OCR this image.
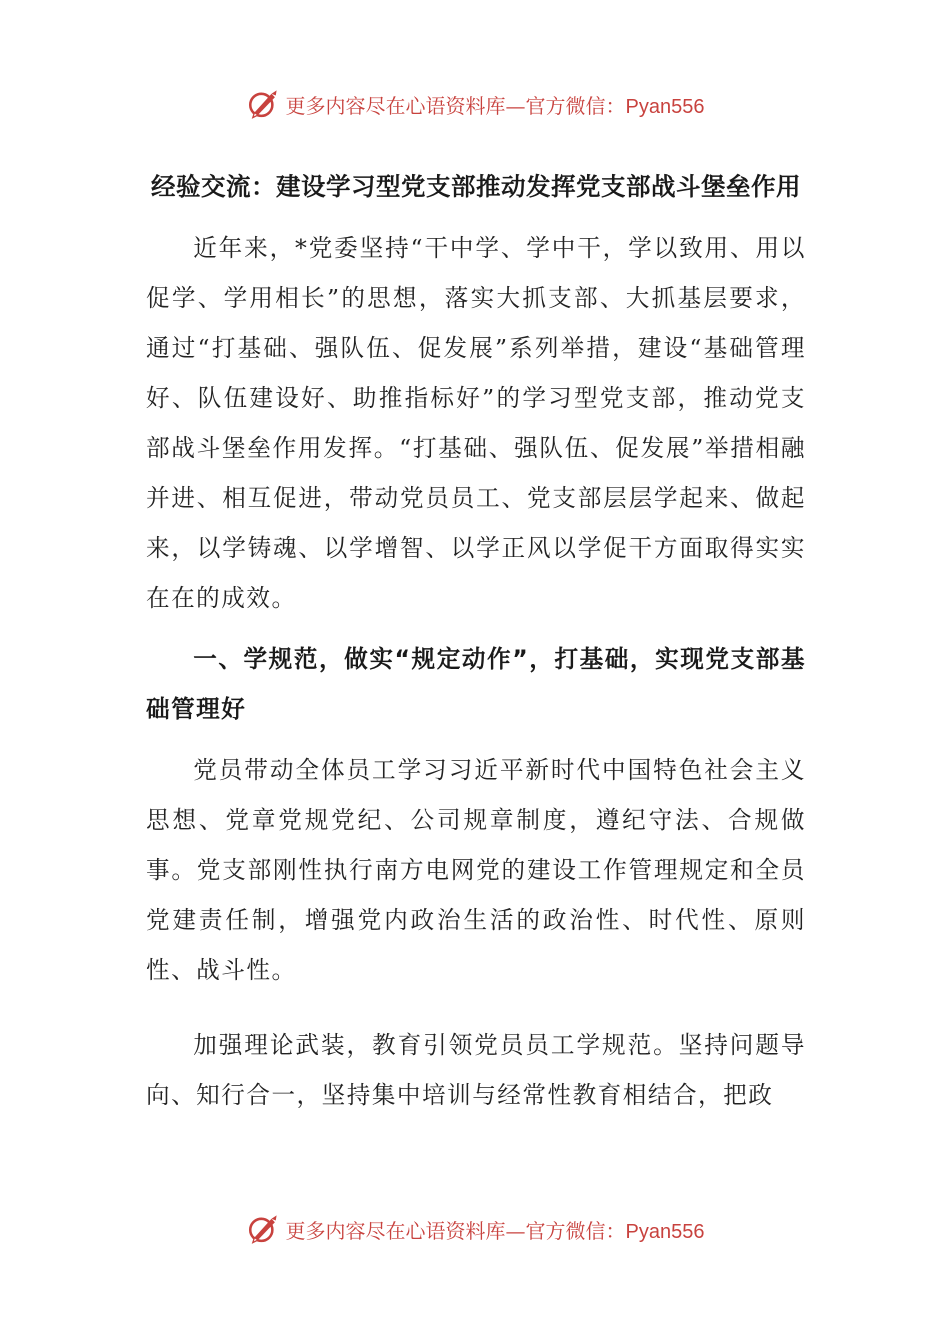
更多内容尽在心语资料库—官方微信：Pyan556
经验交流：建设学习型党支部推动发挥党支部战斗堡垒作用

近年来，*党委坚持“干中学、学中干，学以致用、用以促学、学用相长”的思想，落实大抓支部、大抓基层要求，通过“打基础、强队伍、促发展”系列举措，建设“基础管理好、队伍建设好、助推指标好”的学习型党支部，推动党支部战斗堡垒作用发挥。“打基础、强队伍、促发展”举措相融并进、相互促进，带动党员员工、党支部层层学起来、做起来，以学铸魂、以学增智、以学正风以学促干方面取得实实在在的成效。

一、学规范，做实“规定动作”，打基础，实现党支部基础管理好

党员带动全体员工学习习近平新时代中国特色社会主义思想、党章党规党纪、公司规章制度，遵纪守法、合规做事。党支部刚性执行南方电网党的建设工作管理规定和全员党建责任制，增强党内政治生活的政治性、时代性、原则性、战斗性。

加强理论武装，教育引领党员员工学规范。坚持问题导向、知行合一，坚持集中培训与经常性教育相结合，把政

更多内容尽在心语资料库—官方微信：Pyan556
